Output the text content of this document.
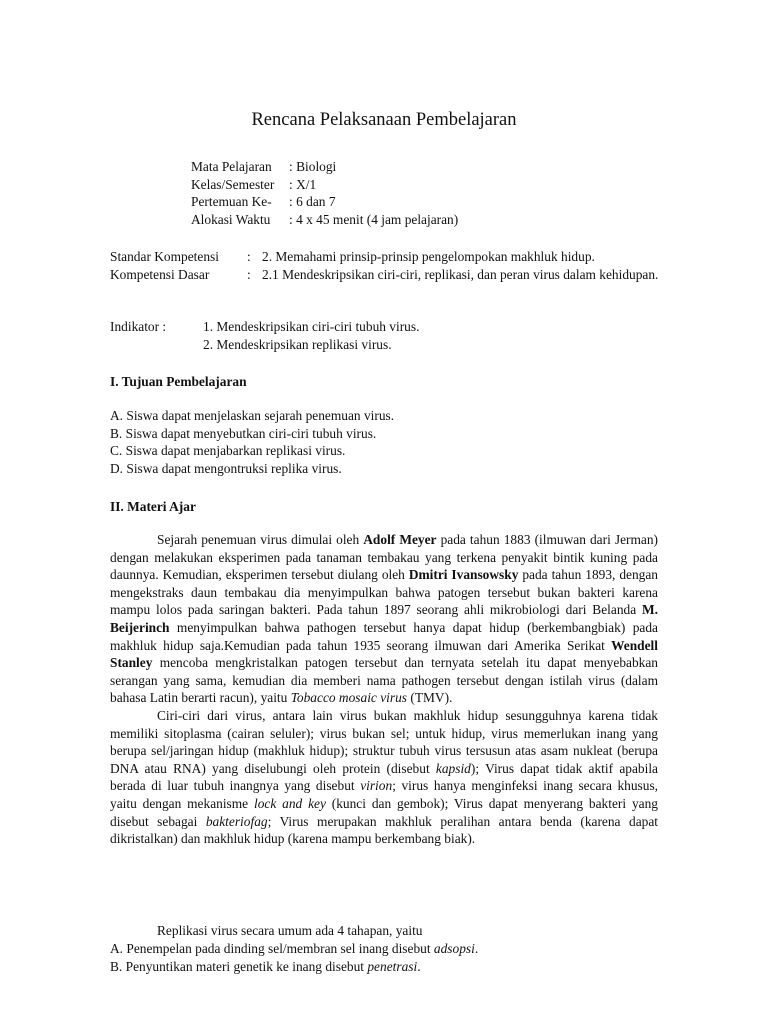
Rencana Pelaksanaan Pembelajaran
Mata Pelajaran	: Biologi
Kelas/Semester	: X/1
Pertemuan Ke-	: 6 dan 7
Alokasi Waktu	: 4 x 45 menit (4 jam pelajaran)
Standar Kompetensi : 2. Memahami prinsip-prinsip pengelompokan makhluk hidup.
Kompetensi Dasar	: 2.1 Mendeskripsikan ciri-ciri, replikasi, dan peran virus dalam kehidupan.
Indikator :	1. Mendeskripsikan ciri-ciri tubuh virus.
2. Mendeskripsikan replikasi virus.
I. Tujuan Pembelajaran
A. Siswa dapat menjelaskan sejarah penemuan virus.
B. Siswa dapat menyebutkan ciri-ciri tubuh virus.
C. Siswa dapat menjabarkan replikasi virus.
D. Siswa dapat mengontruksi replika virus.
II. Materi Ajar

Sejarah penemuan virus dimulai oleh Adolf Meyer pada tahun 1883 (ilmuwan dari Jerman) dengan melakukan eksperimen pada tanaman tembakau yang terkena penyakit bintik kuning pada daunnya. Kemudian, eksperimen tersebut diulang oleh Dmitri Ivansowsky pada tahun 1893, dengan mengekstraks daun tembakau dia menyimpulkan bahwa patogen tersebut bukan bakteri karena mampu lolos pada saringan bakteri. Pada tahun 1897 seorang ahli mikrobiologi dari Belanda M. Beijerinch menyimpulkan bahwa pathogen tersebut hanya dapat hidup (berkembangbiak) pada makhluk hidup saja.Kemudian pada tahun 1935 seorang ilmuwan dari Amerika Serikat Wendell Stanley mencoba mengkristalkan patogen tersebut dan ternyata setelah itu dapat menyebabkan serangan yang sama, kemudian dia memberi nama pathogen tersebut dengan istilah virus (dalam bahasa Latin berarti racun), yaitu Tobacco mosaic virus (TMV).

Ciri-ciri dari virus, antara lain virus bukan makhluk hidup sesungguhnya karena tidak memiliki sitoplasma (cairan seluler); virus bukan sel; untuk hidup, virus memerlukan inang yang berupa sel/jaringan hidup (makhluk hidup); struktur tubuh virus tersusun atas asam nukleat (berupa DNA atau RNA) yang diselubungi oleh protein (disebut kapsid); Virus dapat tidak aktif apabila berada di luar tubuh inangnya yang disebut virion; virus hanya menginfeksi inang secara khusus, yaitu dengan mekanisme lock and key (kunci dan gembok); Virus dapat menyerang bakteri yang disebut sebagai bakteriofag; Virus merupakan makhluk peralihan antara benda (karena dapat dikristalkan) dan makhluk hidup (karena mampu berkembang biak).

Replikasi virus secara umum ada 4 tahapan, yaitu

A. Penempelan pada dinding sel/membran sel inang disebut adsopsi.
B. Penyuntikan materi genetik ke inang disebut penetrasi.
